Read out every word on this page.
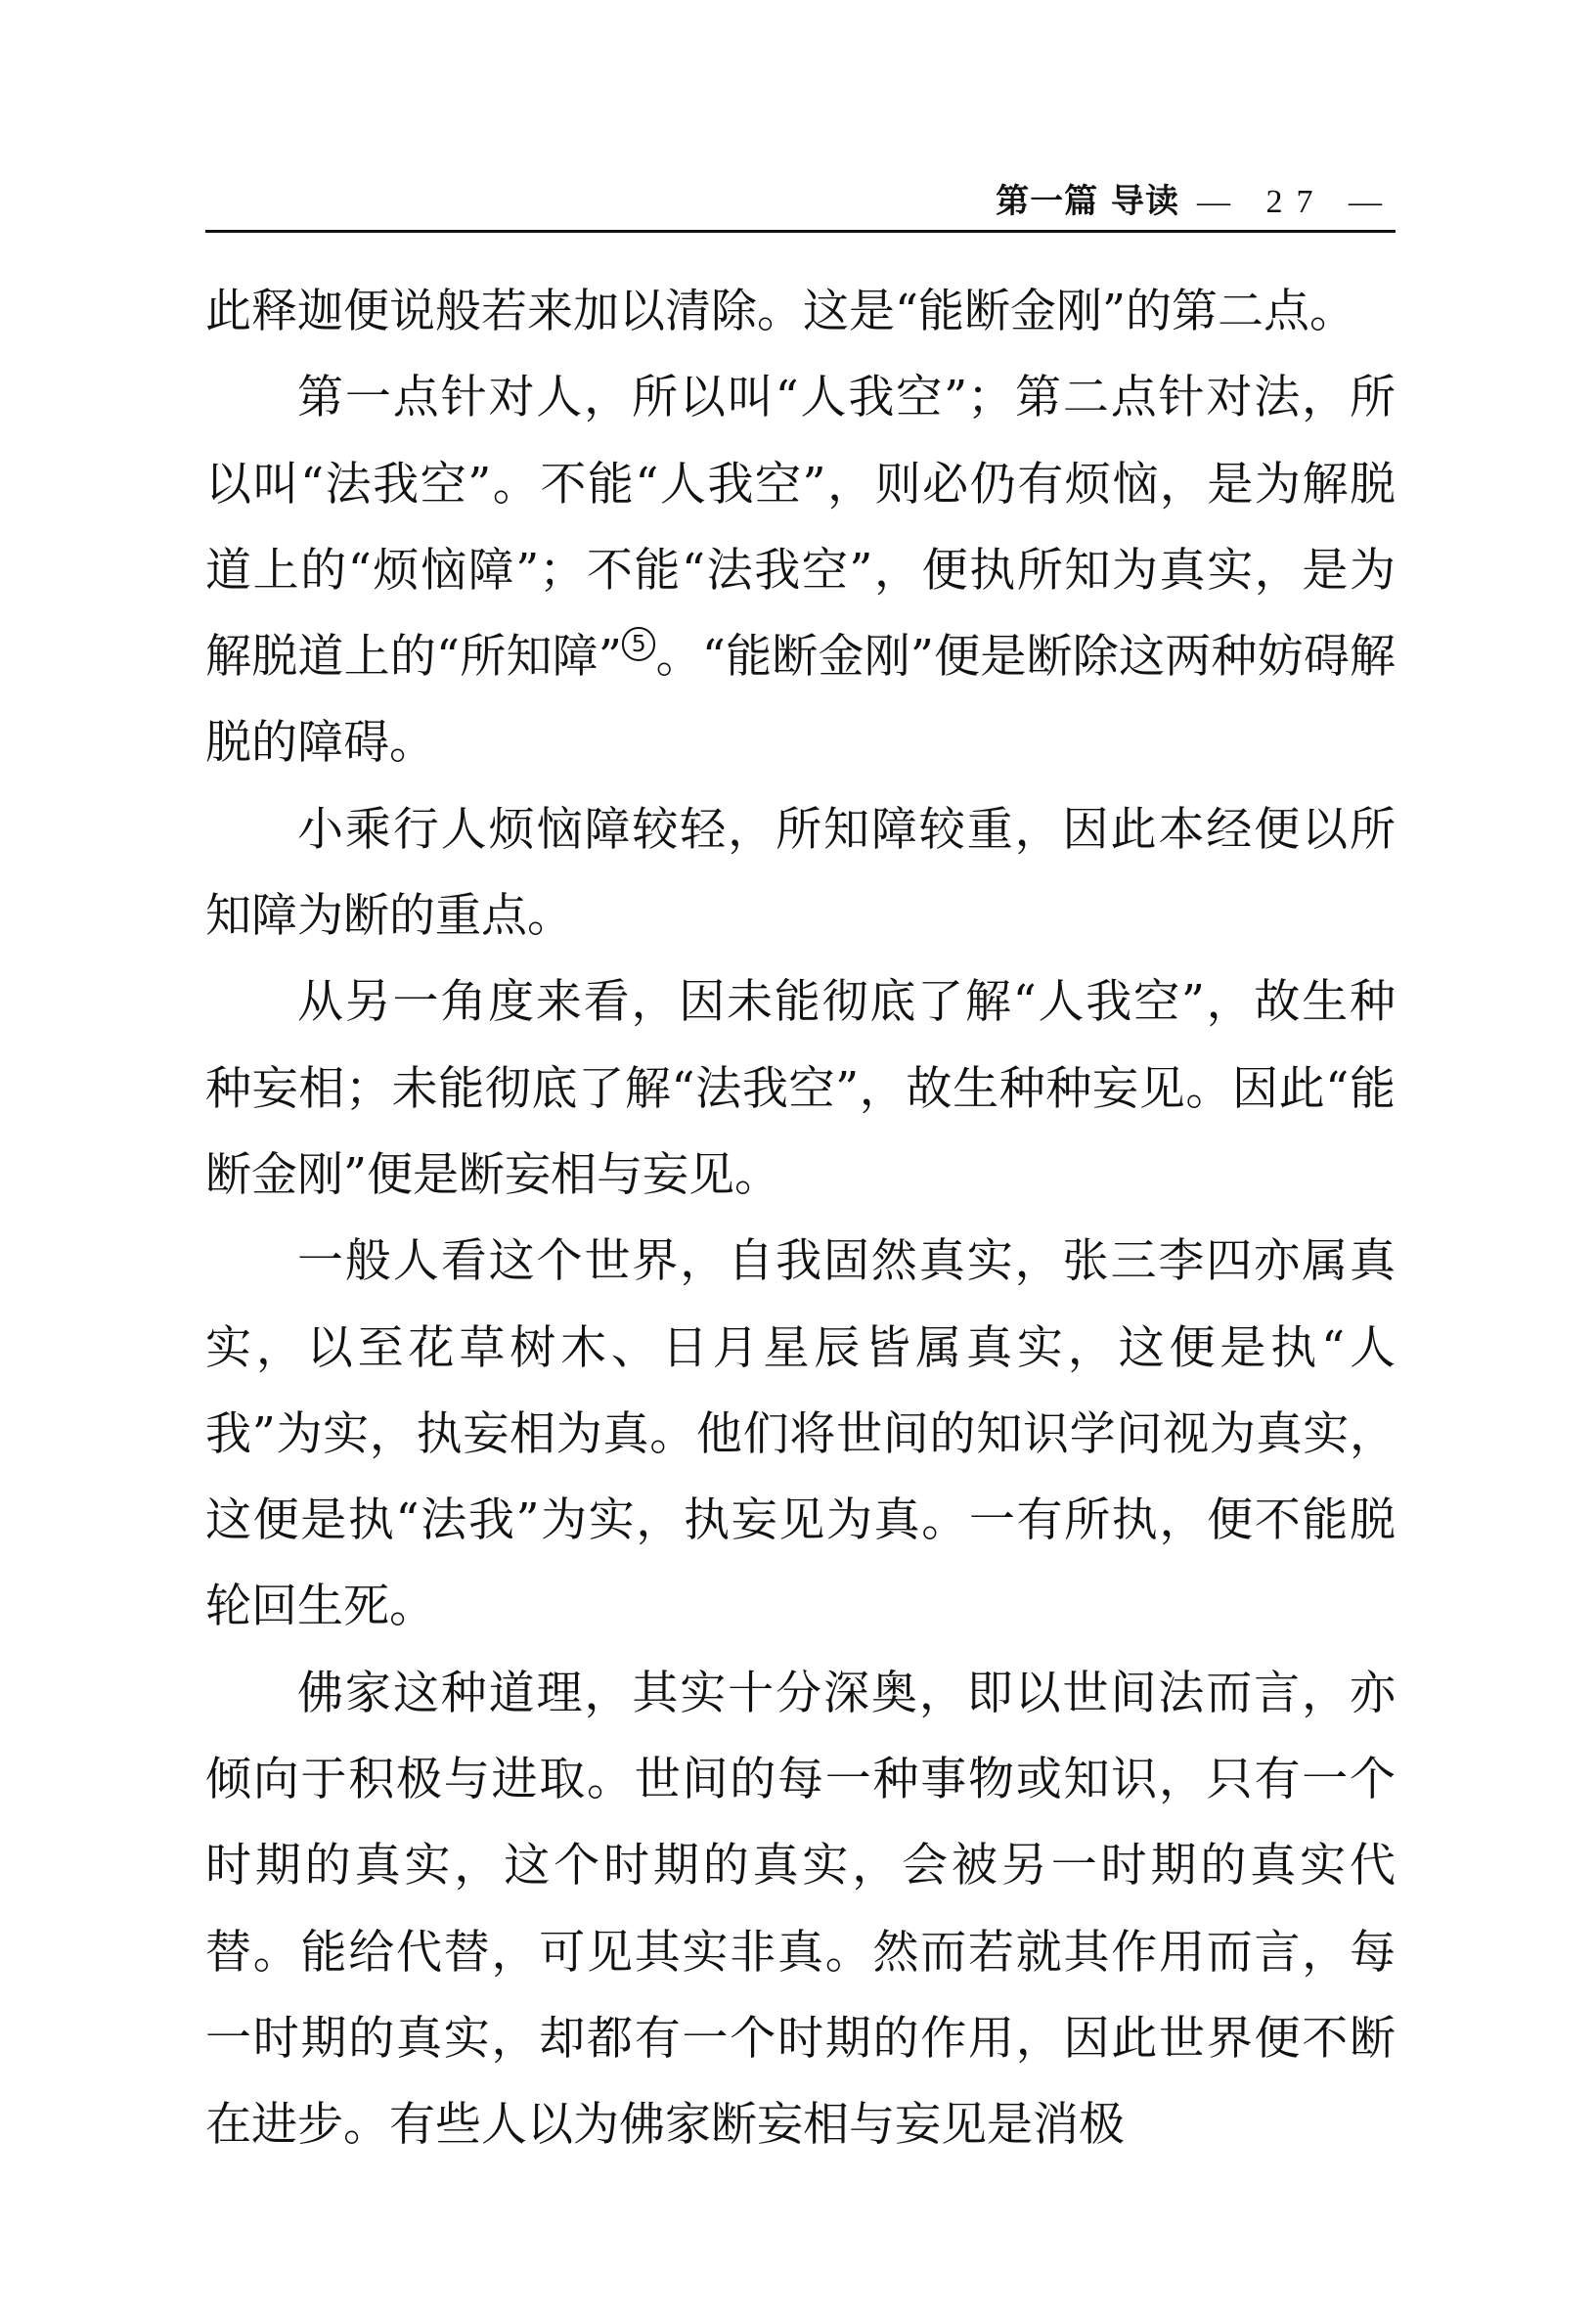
第一篇 导读 — 27 —

此释迦便说般若来加以清除。这是“能断金刚”的第二点。

第一点针对人，所以叫“人我空”；第二点针对法，所以叫“法我空”。不能“人我空”，则必仍有烦恼，是为解脱道上的“烦恼障”；不能“法我空”，便执所知为真实，是为解脱道上的“所知障” 5 。“能断金刚”便是断除这两种妨碍解脱的障碍。

小乘行人烦恼障较轻，所知障较重，因此本经便以所知障为断的重点。

从另一角度来看，因未能彻底了解“人我空”，故生种种妄相；未能彻底了解“法我空”，故生种种妄见。因此“能断金刚”便是断妄相与妄见。

一般人看这个世界，自我固然真实，张三李四亦属真实，以至花草树木、日月星辰皆属真实，这便是执“人我”为实，执妄相为真。他们将世间的知识学问视为真实，这便是执“法我”为实，执妄见为真。一有所执，便不能脱轮回生死。

佛家这种道理，其实十分深奥，即以世间法而言，亦倾向于积极与进取。世间的每一种事物或知识，只有一个时期的真实，这个时期的真实，会被另一时期的真实代替。能给代替，可见其实非真。然而若就其作用而言，每一时期的真实，却都有一个时期的作用，因此世界便不断在进步。有些人以为佛家断妄相与妄见是消极
